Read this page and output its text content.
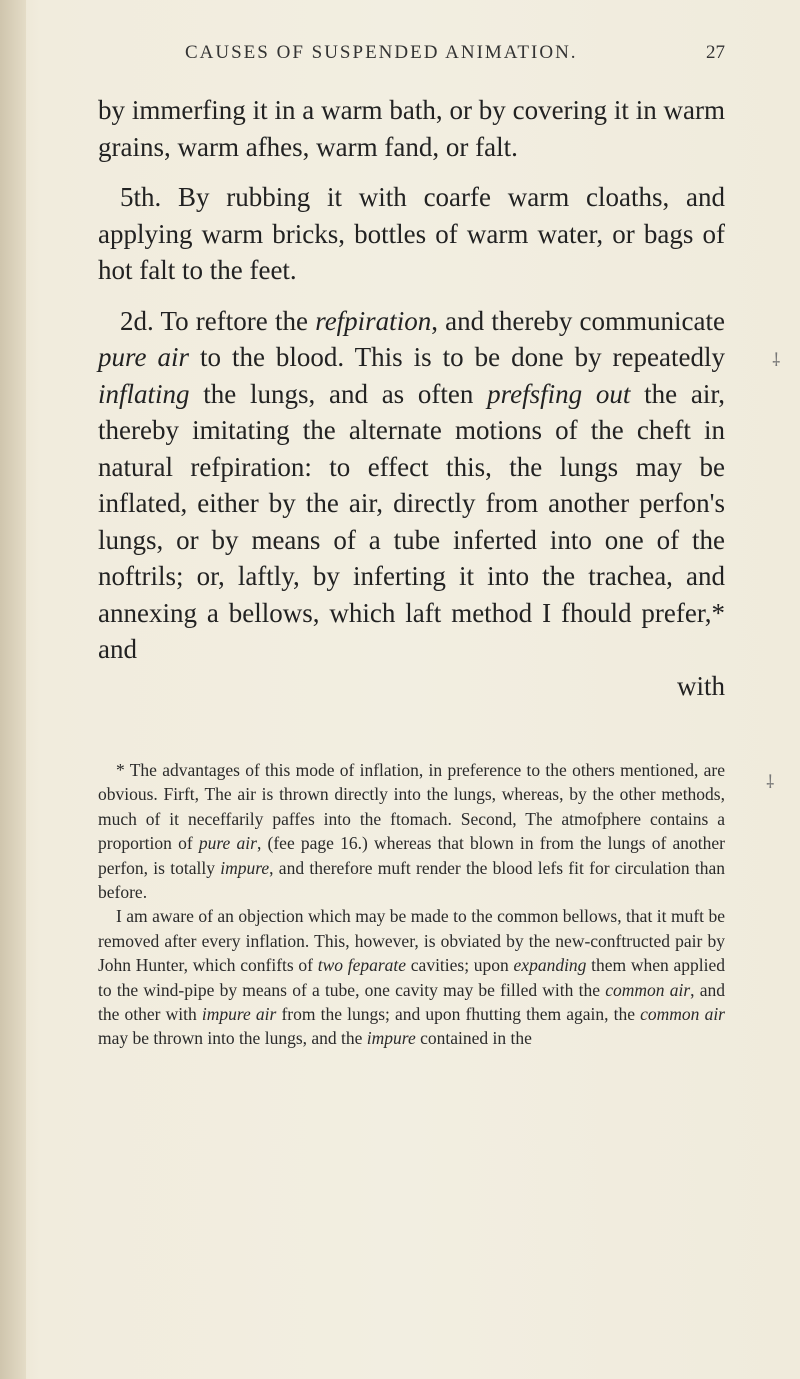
CAUSES OF SUSPENDED ANIMATION.	27

by immerfing it in a warm bath, or by covering it in warm grains, warm afhes, warm fand, or falt.

5th. By rubbing it with coarfe warm cloaths, and applying warm bricks, bottles of warm water, or bags of hot falt to the feet.

2d. To reftore the refpiration, and thereby communicate pure air to the blood. This is to be done by repeatedly inflating the lungs, and as often prefsfing out the air, thereby imitating the alternate motions of the cheft in natural refpiration: to effect this, the lungs may be inflated, either by the air, directly from another perfon's lungs, or by means of a tube inferted into one of the noftrils; or, laftly, by inferting it into the trachea, and annexing a bellows, which laft method I fhould prefer,* and

with

* The advantages of this mode of inflation, in preference to the others mentioned, are obvious. Firft, The air is thrown directly into the lungs, whereas, by the other methods, much of it neceffarily paffes into the ftomach. Second, The atmofphere contains a proportion of pure air, (fee page 16.) whereas that blown in from the lungs of another perfon, is totally impure, and therefore muft render the blood lefs fit for circulation than before.

I am aware of an objection which may be made to the common bellows, that it muft be removed after every inflation. This, however, is obviated by the new-conftructed pair by John Hunter, which confifts of two feparate cavities; upon expanding them when applied to the wind-pipe by means of a tube, one cavity may be filled with the common air, and the other with impure air from the lungs; and upon fhutting them again, the common air may be thrown into the lungs, and the impure contained in the

⸸
⸸
